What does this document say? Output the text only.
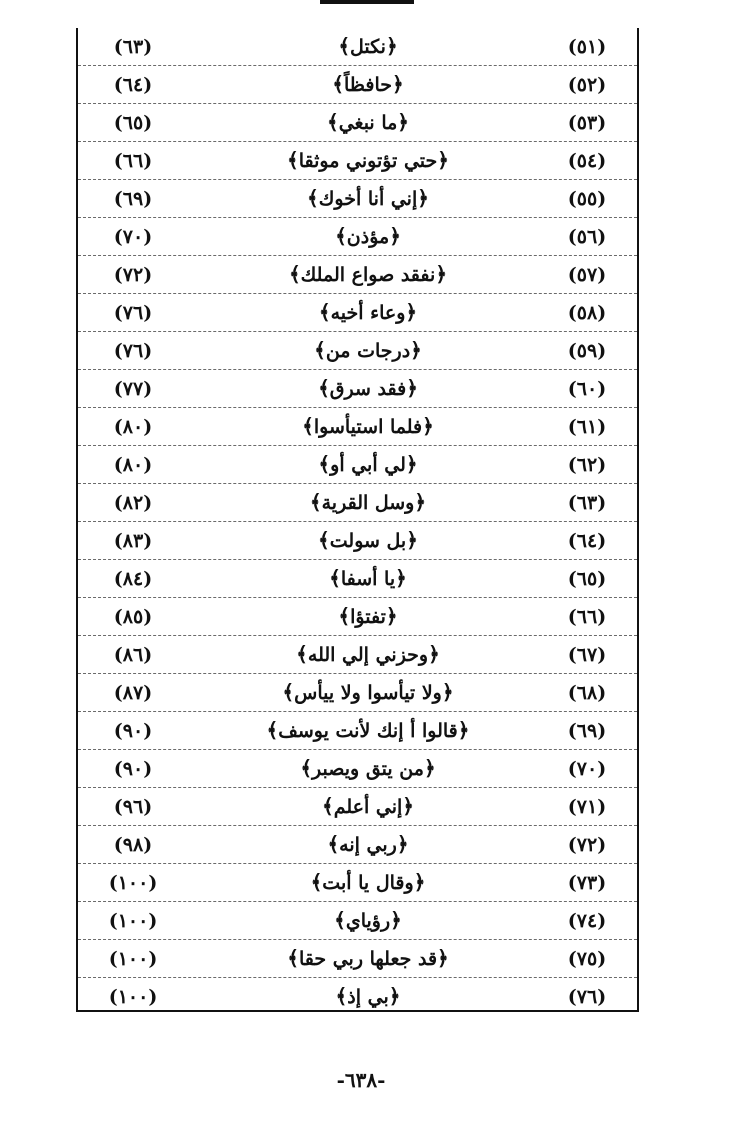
(٦٣)	﴿نكتل﴾	(٥١)
(٦٤)	﴿حافظاً﴾	(٥٢)
(٦٥)	﴿ما نبغي﴾	(٥٣)
(٦٦)	﴿حتي تؤتوني موثقا﴾	(٥٤)
(٦٩)	﴿إني أنا أخوك﴾	(٥٥)
(٧٠)	﴿مؤذن﴾	(٥٦)
(٧٢)	﴿نفقد صواع الملك﴾	(٥٧)
(٧٦)	﴿وعاء أخيه﴾	(٥٨)
(٧٦)	﴿درجات من﴾	(٥٩)
(٧٧)	﴿فقد سرق﴾	(٦٠)
(٨٠)	﴿فلما استيأسوا﴾	(٦١)
(٨٠)	﴿لي أبي أو﴾	(٦٢)
(٨٢)	﴿وسل القرية﴾	(٦٣)
(٨٣)	﴿بل سولت﴾	(٦٤)
(٨٤)	﴿يا أسفا﴾	(٦٥)
(٨٥)	﴿تفتؤا﴾	(٦٦)
(٨٦)	﴿وحزني إلي الله﴾	(٦٧)
(٨٧)	﴿ولا تيأسوا ولا ييأس﴾	(٦٨)
(٩٠)	﴿قالوا أ إنك لأنت يوسف﴾	(٦٩)
(٩٠)	﴿من يتق ويصبر﴾	(٧٠)
(٩٦)	﴿إني أعلم﴾	(٧١)
(٩٨)	﴿ربي إنه﴾	(٧٢)
(١٠٠)	﴿وقال يا أبت﴾	(٧٣)
(١٠٠)	﴿رؤياي﴾	(٧٤)
(١٠٠)	﴿قد جعلها ربي حقا﴾	(٧٥)
(١٠٠)	﴿بي إذ﴾	(٧٦)
-٦٣٨-
